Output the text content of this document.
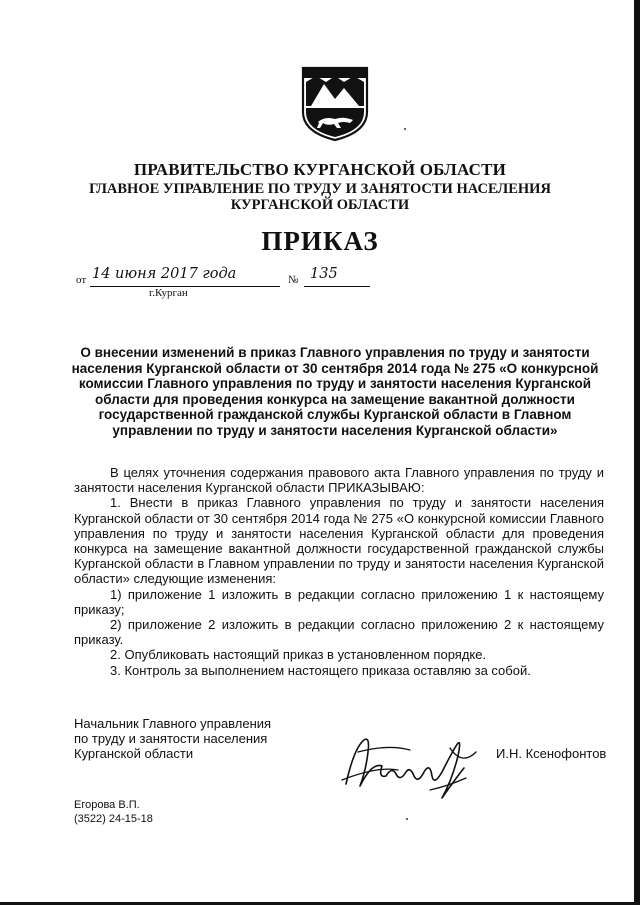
ПРАВИТЕЛЬСТВО КУРГАНСКОЙ ОБЛАСТИ
ГЛАВНОЕ УПРАВЛЕНИЕ ПО ТРУДУ И ЗАНЯТОСТИ НАСЕЛЕНИЯ
КУРГАНСКОЙ ОБЛАСТИ
ПРИКАЗ
от 14 июня 2017 года	№ 135
г.Курган
О внесении изменений в приказ Главного управления по труду и занятости населения Курганской области от 30 сентября 2014 года № 275 «О конкурсной комиссии Главного управления по труду и занятости населения Курганской области для проведения конкурса на замещение вакантной должности государственной гражданской службы Курганской области в Главном управлении по труду и занятости населения Курганской области»

В целях уточнения содержания правового акта Главного управления по труду и занятости населения Курганской области ПРИКАЗЫВАЮ:

1. Внести в приказ Главного управления по труду и занятости населения Курганской области от 30 сентября 2014 года № 275 «О конкурсной комиссии Главного управления по труду и занятости населения Курганской области для проведения конкурса на замещение вакантной должности государственной гражданской службы Курганской области в Главном управлении по труду и занятости населения Курганской области» следующие изменения:

1) приложение 1 изложить в редакции согласно приложению 1 к настоящему приказу;

2) приложение 2 изложить в редакции согласно приложению 2 к настоящему приказу.

2. Опубликовать настоящий приказ в установленном порядке.

3. Контроль за выполнением настоящего приказа оставляю за собой.

Начальник Главного управления
по труду и занятости населения
Курганской области	И.Н. Ксенофонтов
Егорова В.П.
(3522) 24-15-18
